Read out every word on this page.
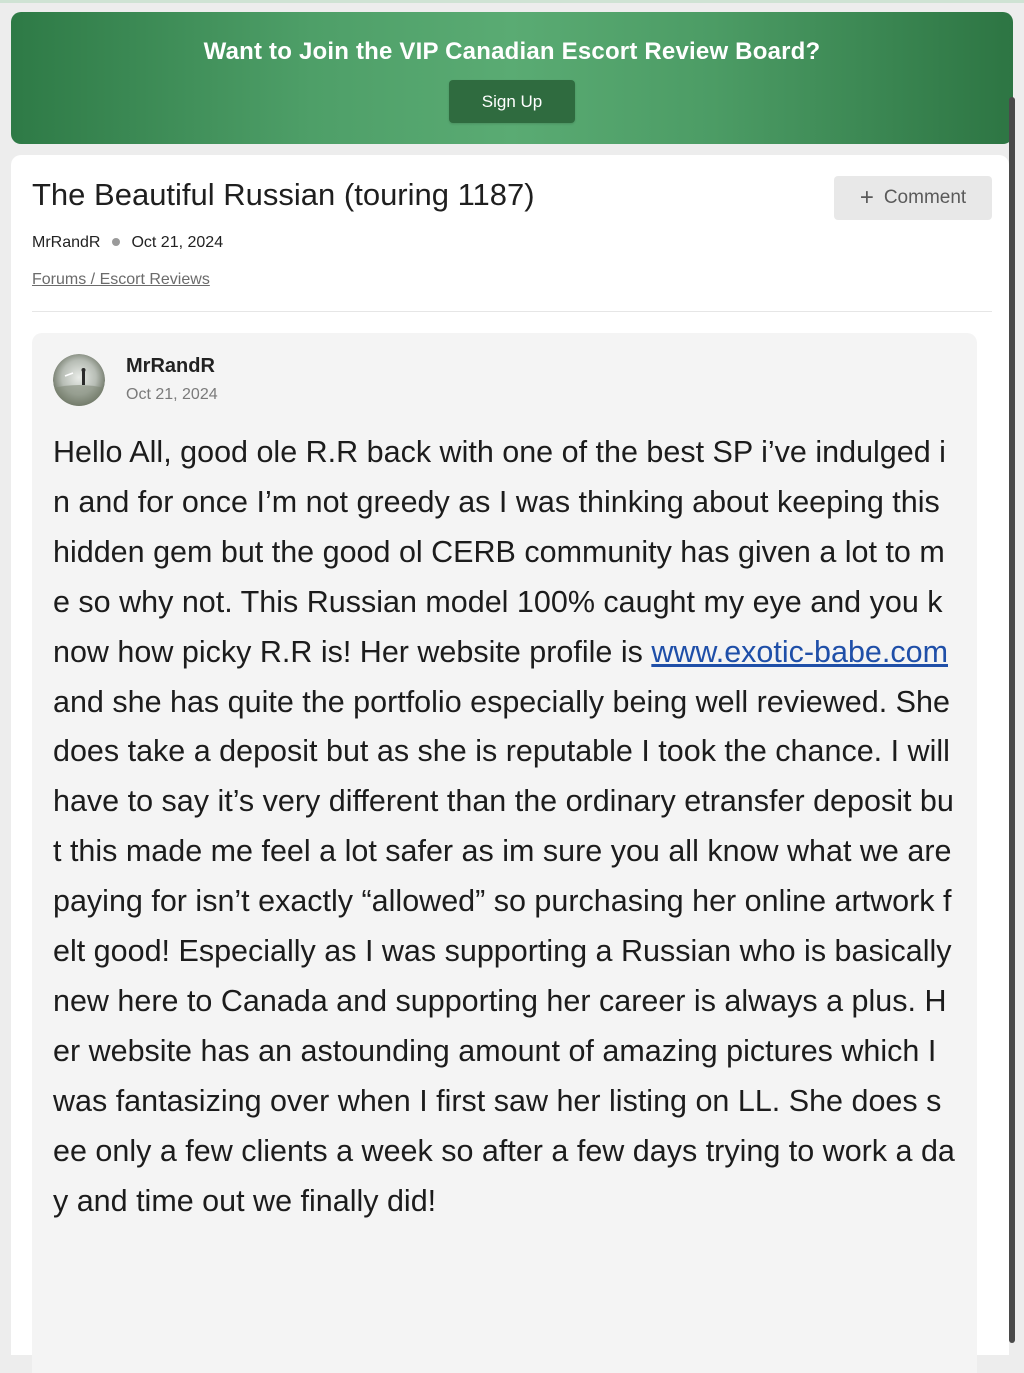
Want to Join the VIP Canadian Escort Review Board?
Sign Up
The Beautiful Russian (touring 1187)	+ Comment
MrRandR Oct 21, 2024
Forums / Escort Reviews
MrRandR
Oct 21, 2024
Hello All, good ole R.R back with one of the best SP i’ve indulged in and for once I’m not greedy as I was thinking about keeping this hidden gem but the good ol CERB community has given a lot to me so why not. This Russian model 100% caught my eye and you know how picky R.R is! Her website profile is www.exotic-babe.com and she has quite the portfolio especially being well reviewed. She does take a deposit but as she is reputable I took the chance. I will have to say it’s very different than the ordinary etransfer deposit but this made me feel a lot safer as im sure you all know what we are paying for isn’t exactly “allowed” so purchasing her online artwork felt good! Especially as I was supporting a Russian who is basically new here to Canada and supporting her career is always a plus. Her website has an astounding amount of amazing pictures which I was fantasizing over when I first saw her listing on LL. She does see only a few clients a week so after a few days trying to work a day and time out we finally did!
